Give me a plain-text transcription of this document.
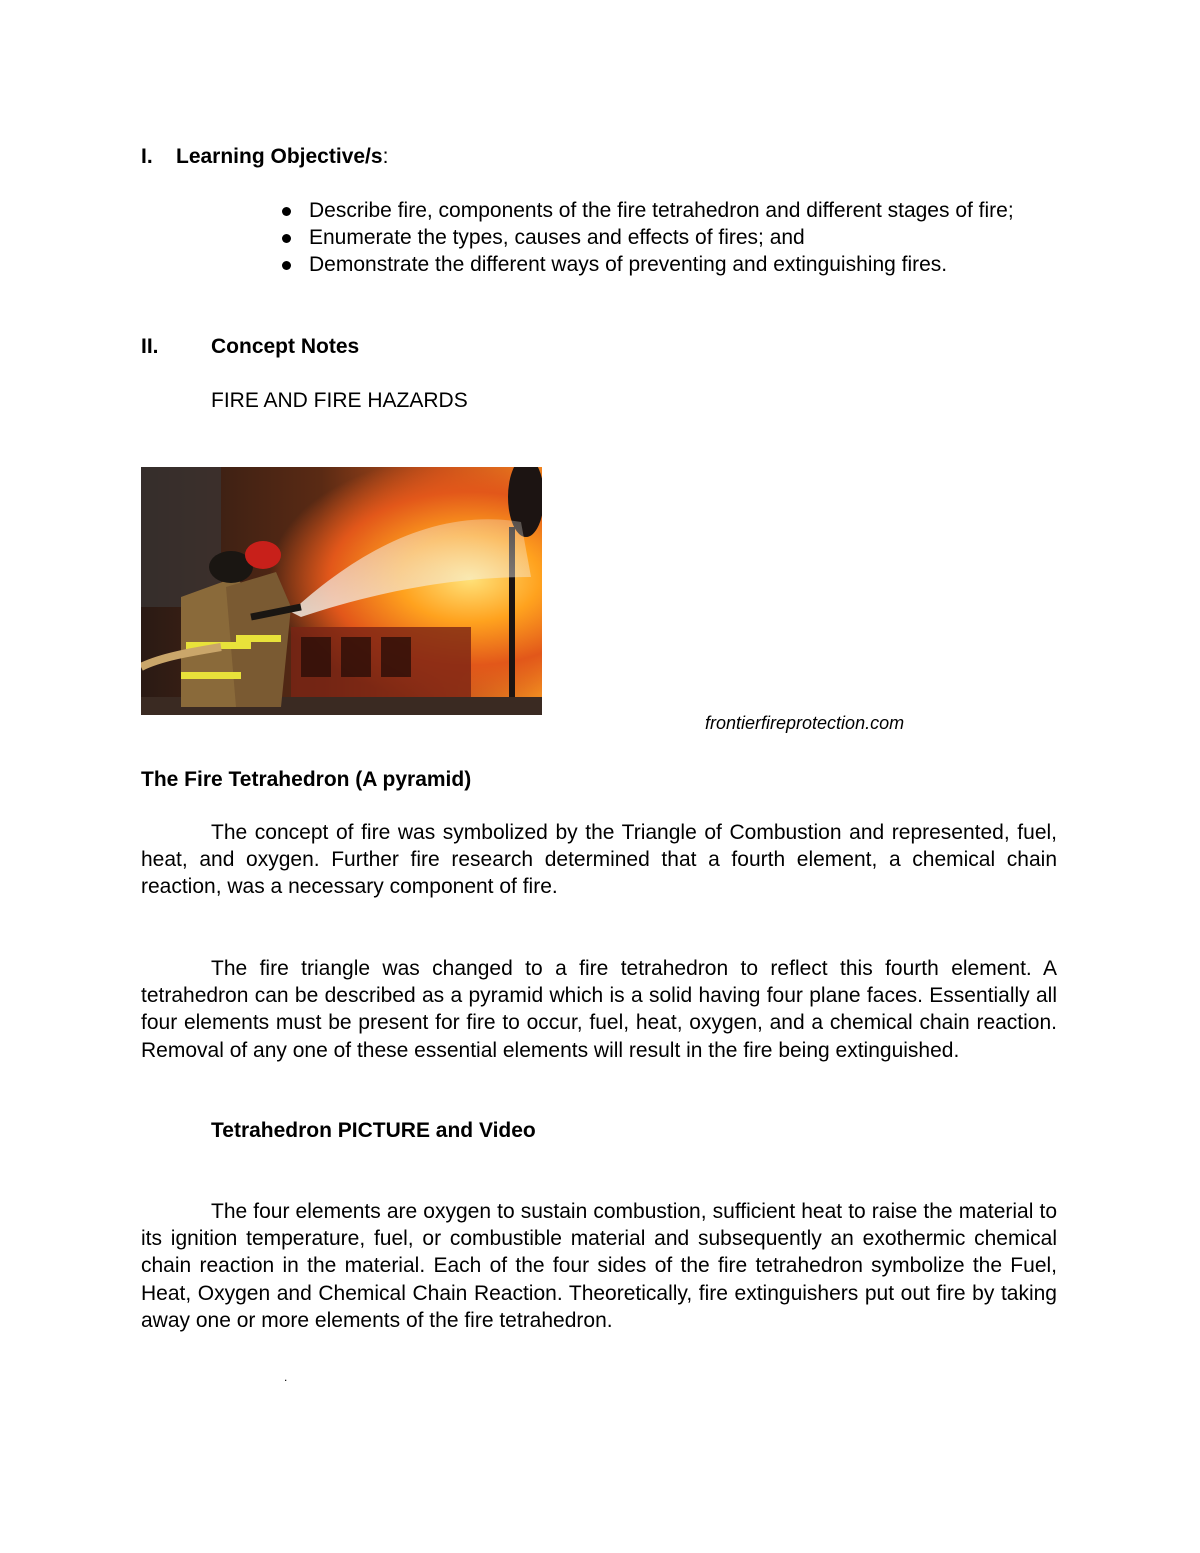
I. Learning Objective/s:

Describe fire, components of the fire tetrahedron and different stages of fire;
Enumerate the types, causes and effects of fires; and
Demonstrate the different ways of preventing and extinguishing fires.

II. Concept Notes

FIRE AND FIRE HAZARDS

frontierfireprotection.com

The Fire Tetrahedron (A pyramid)

The concept of fire was symbolized by the Triangle of Combustion and represented, fuel, heat, and oxygen. Further fire research determined that a fourth element, a chemical chain reaction, was a necessary component of fire.

The fire triangle was changed to a fire tetrahedron to reflect this fourth element. A tetrahedron can be described as a pyramid which is a solid having four plane faces. Essentially all four elements must be present for fire to occur, fuel, heat, oxygen, and a chemical chain reaction. Removal of any one of these essential elements will result in the fire being extinguished.

Tetrahedron PICTURE and Video

The four elements are oxygen to sustain combustion, sufficient heat to raise the material to its ignition temperature, fuel, or combustible material and subsequently an exothermic chemical chain reaction in the material. Each of the four sides of the fire tetrahedron symbolize the Fuel, Heat, Oxygen and Chemical Chain Reaction. Theoretically, fire extinguishers put out fire by taking away one or more elements of the fire tetrahedron.

.
